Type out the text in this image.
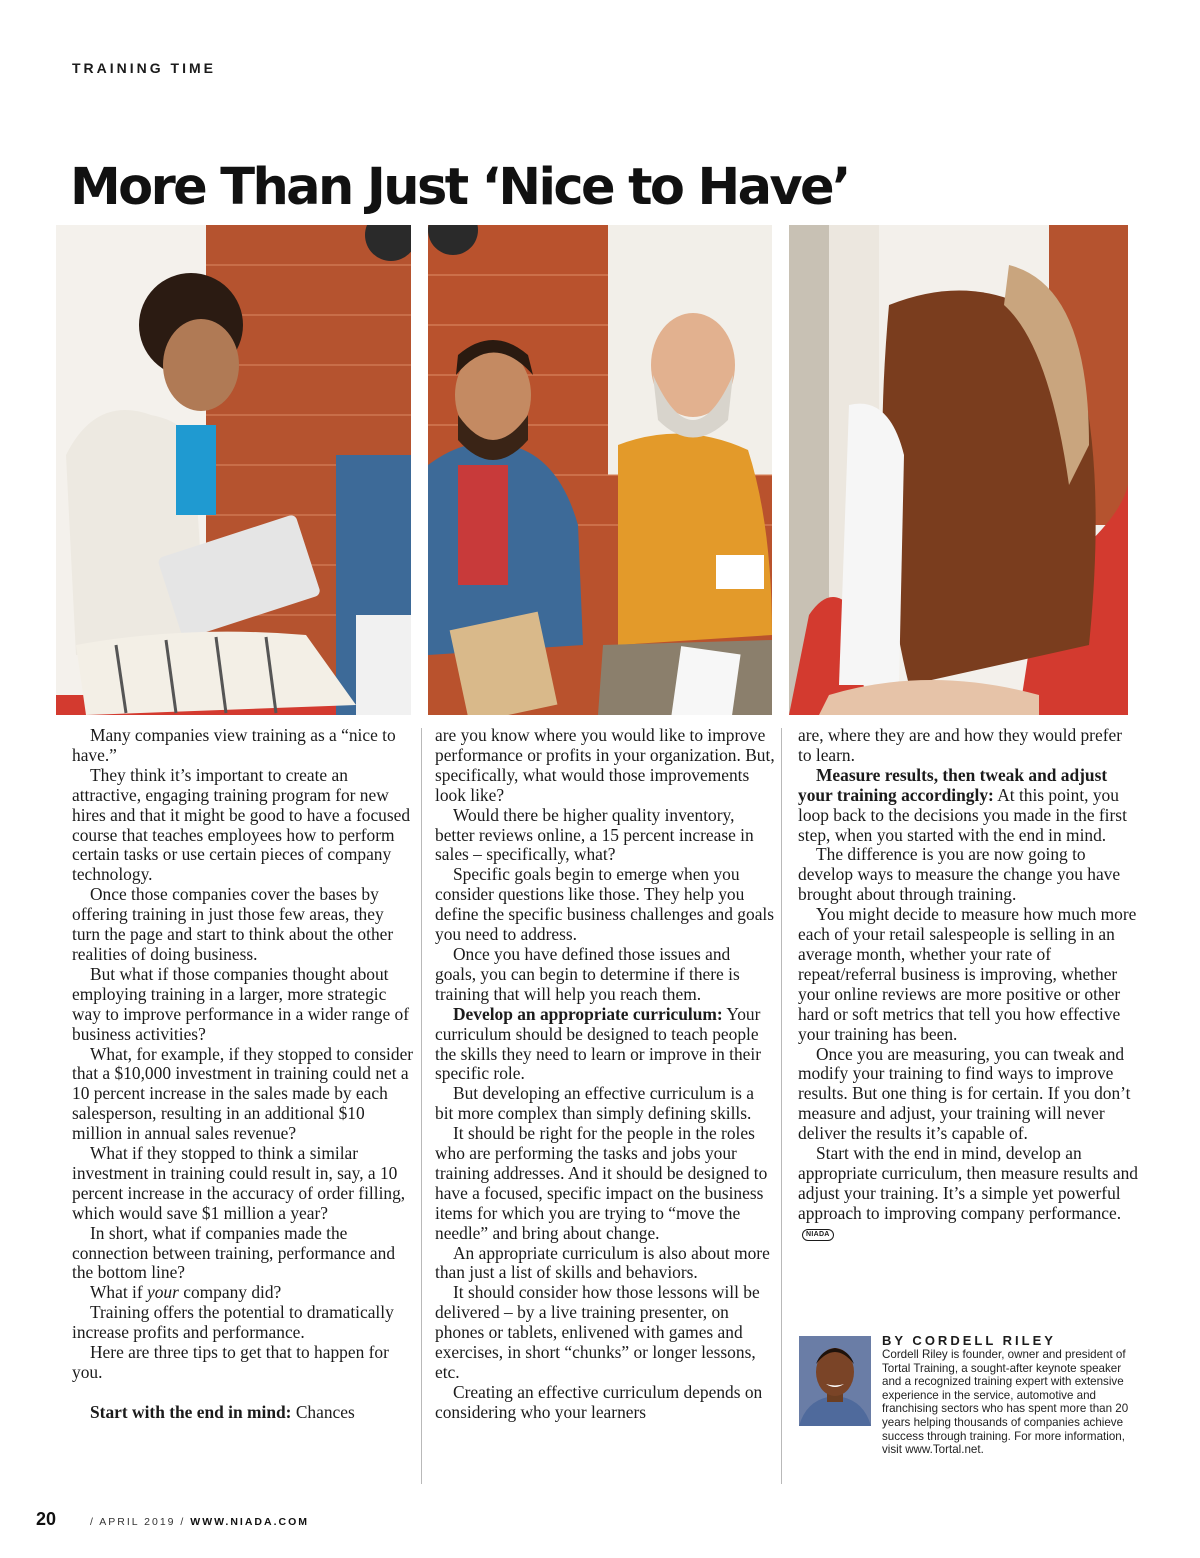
TRAINING TIME
More Than Just ‘Nice to Have’

Many companies view training as a “nice to have.”

They think it’s important to create an attractive, engaging training program for new hires and that it might be good to have a focused course that teaches employees how to perform certain tasks or use certain pieces of company technology.

Once those companies cover the bases by offering training in just those few areas, they turn the page and start to think about the other realities of doing business.

But what if those companies thought about employing training in a larger, more strategic way to improve performance in a wider range of business activities?

What, for example, if they stopped to consider that a $10,000 investment in training could net a 10 percent increase in the sales made by each salesperson, resulting in an additional $10 million in annual sales revenue?

What if they stopped to think a similar investment in training could result in, say, a 10 percent increase in the accuracy of order filling, which would save $1 million a year?

In short, what if companies made the connection between training, performance and the bottom line?

What if your company did?

Training offers the potential to dramatically increase profits and performance.

Here are three tips to get that to happen for you.

Start with the end in mind: Chances

are you know where you would like to improve performance or profits in your organization. But, specifically, what would those improvements look like?

Would there be higher quality inventory, better reviews online, a 15 percent increase in sales – specifically, what?

Specific goals begin to emerge when you consider questions like those. They help you define the specific business challenges and goals you need to address.

Once you have defined those issues and goals, you can begin to determine if there is training that will help you reach them.

Develop an appropriate curriculum: Your curriculum should be designed to teach people the skills they need to learn or improve in their specific role.

But developing an effective curriculum is a bit more complex than simply defining skills.

It should be right for the people in the roles who are performing the tasks and jobs your training addresses. And it should be designed to have a focused, specific impact on the business items for which you are trying to “move the needle” and bring about change.

An appropriate curriculum is also about more than just a list of skills and behaviors.

It should consider how those lessons will be delivered – by a live training presenter, on phones or tablets, enlivened with games and exercises, in short “chunks” or longer lessons, etc.

Creating an effective curriculum depends on considering who your learners

are, where they are and how they would prefer to learn.

Measure results, then tweak and adjust your training accordingly: At this point, you loop back to the decisions you made in the first step, when you started with the end in mind.

The difference is you are now going to develop ways to measure the change you have brought about through training.

You might decide to measure how much more each of your retail salespeople is selling in an average month, whether your rate of repeat/referral business is improving, whether your online reviews are more positive or other hard or soft metrics that tell you how effective your training has been.

Once you are measuring, you can tweak and modify your training to find ways to improve results. But one thing is for certain. If you don’t measure and adjust, your training will never deliver the results it’s capable of.

Start with the end in mind, develop an appropriate curriculum, then measure results and adjust your training. It’s a simple yet powerful approach to improving company performance.NIADA

BY CORDELL RILEY
Cordell Riley is founder, owner and president of Tortal Training, a sought-after keynote speaker and a recognized training expert with extensive experience in the service, automotive and franchising sectors who has spent more than 20 years helping thousands of companies achieve success through training. For more information, visit www.Tortal.net.
20	/ APRIL 2019 / WWW.NIADA.COM
